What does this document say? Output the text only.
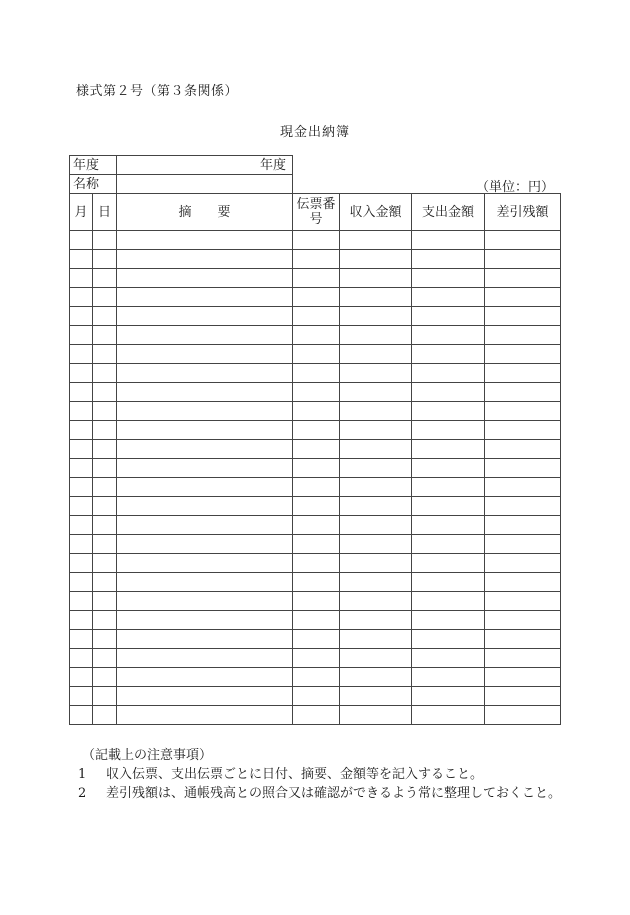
様式第２号（第３条関係）
現金出納簿
（単位：円）
年度		年度				
名称						
月	日	摘　　要	伝票番号	収入金額	支出金額	差引残額

（記載上の注意事項）
1	収入伝票、支出伝票ごとに日付、摘要、金額等を記入すること。
2	差引残額は、通帳残高との照合又は確認ができるよう常に整理しておくこと。
